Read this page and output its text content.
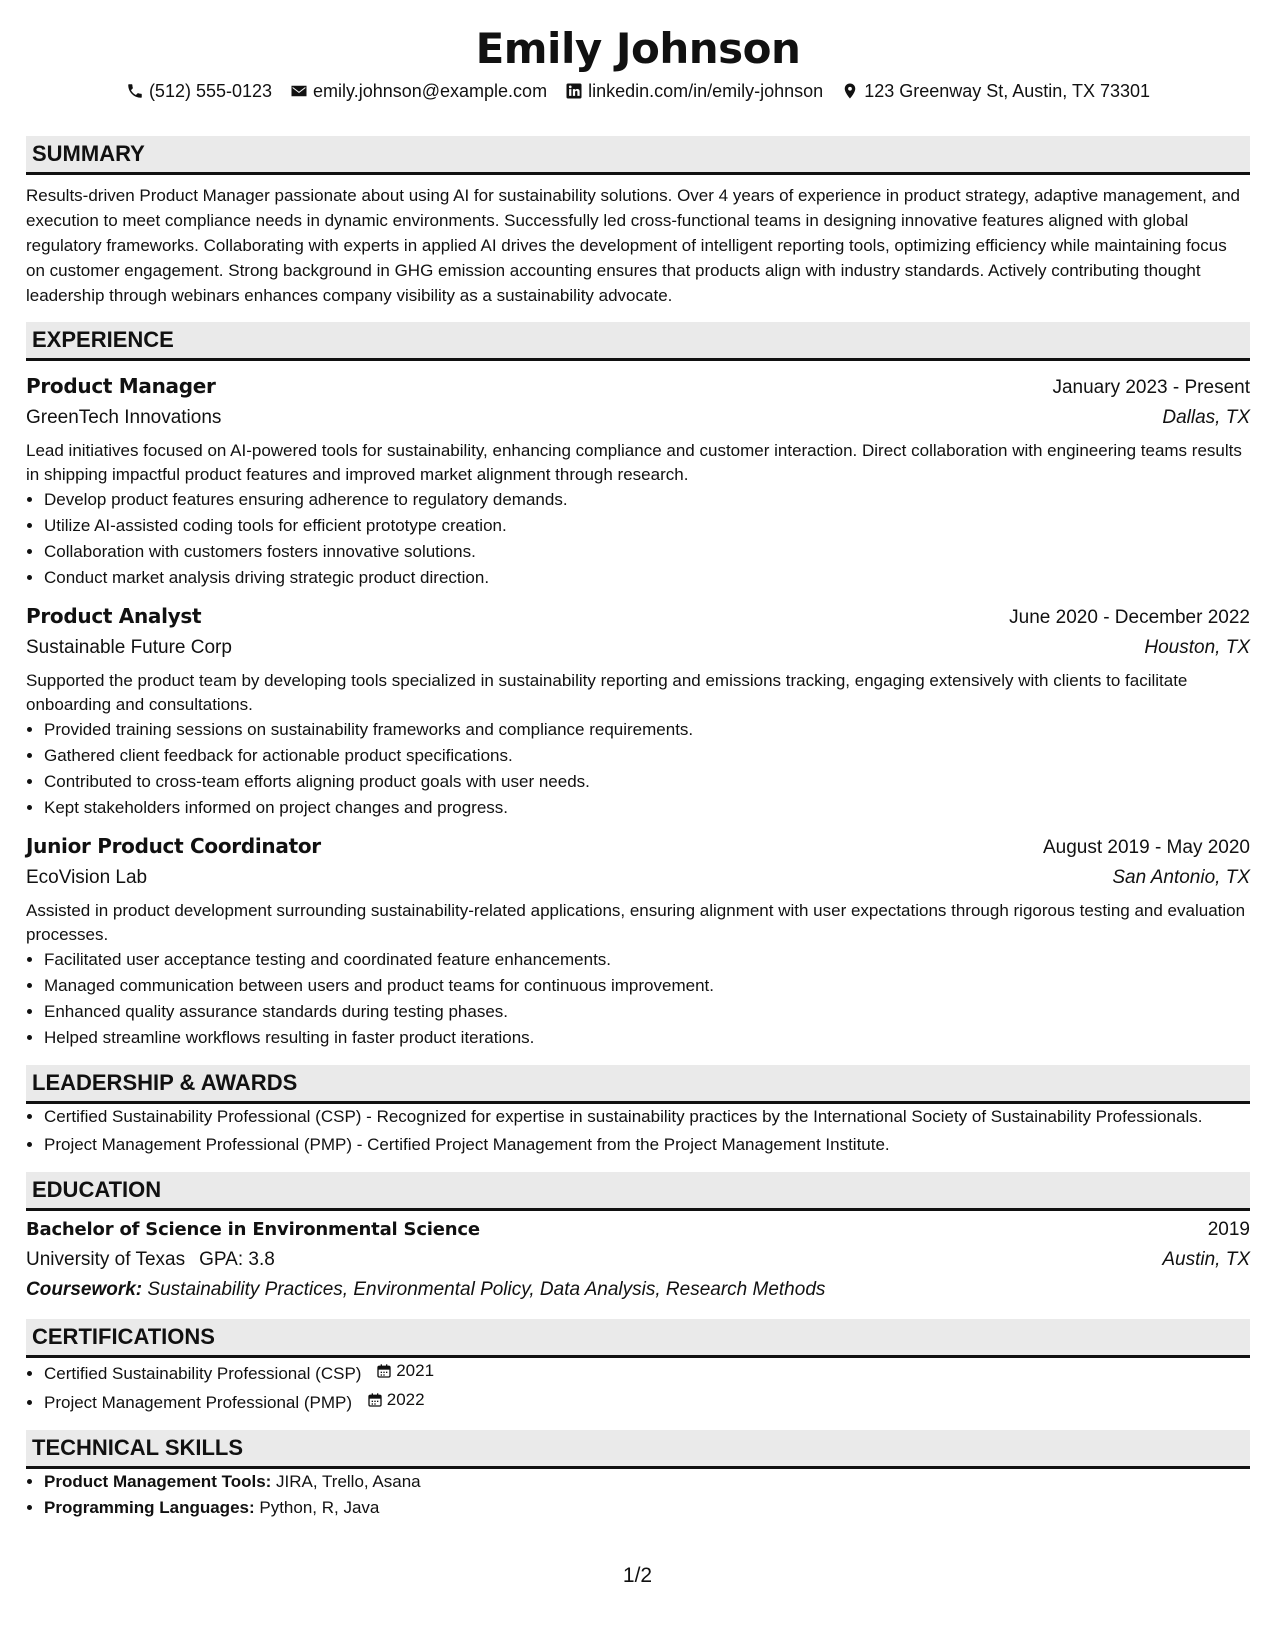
Emily Johnson
(512) 555-0123 emily.johnson@example.com linkedin.com/in/emily-johnson 123 Greenway St, Austin, TX 73301
SUMMARY
Results-driven Product Manager passionate about using AI for sustainability solutions. Over 4 years of experience in product strategy, adaptive management, and execution to meet compliance needs in dynamic environments. Successfully led cross-functional teams in designing innovative features aligned with global regulatory frameworks. Collaborating with experts in applied AI drives the development of intelligent reporting tools, optimizing efficiency while maintaining focus on customer engagement. Strong background in GHG emission accounting ensures that products align with industry standards. Actively contributing thought leadership through webinars enhances company visibility as a sustainability advocate.
EXPERIENCE
Product Manager	January 2023 - Present
GreenTech Innovations	Dallas, TX
Lead initiatives focused on AI-powered tools for sustainability, enhancing compliance and customer interaction. Direct collaboration with engineering teams results in shipping impactful product features and improved market alignment through research.
• Develop product features ensuring adherence to regulatory demands.
• Utilize AI-assisted coding tools for efficient prototype creation.
• Collaboration with customers fosters innovative solutions.
• Conduct market analysis driving strategic product direction.
Product Analyst	June 2020 - December 2022
Sustainable Future Corp	Houston, TX
Supported the product team by developing tools specialized in sustainability reporting and emissions tracking, engaging extensively with clients to facilitate onboarding and consultations.
• Provided training sessions on sustainability frameworks and compliance requirements.
• Gathered client feedback for actionable product specifications.
• Contributed to cross-team efforts aligning product goals with user needs.
• Kept stakeholders informed on project changes and progress.
Junior Product Coordinator	August 2019 - May 2020
EcoVision Lab	San Antonio, TX
Assisted in product development surrounding sustainability-related applications, ensuring alignment with user expectations through rigorous testing and evaluation processes.
• Facilitated user acceptance testing and coordinated feature enhancements.
• Managed communication between users and product teams for continuous improvement.
• Enhanced quality assurance standards during testing phases.
• Helped streamline workflows resulting in faster product iterations.
LEADERSHIP & AWARDS
• Certified Sustainability Professional (CSP) - Recognized for expertise in sustainability practices by the International Society of Sustainability Professionals.
• Project Management Professional (PMP) - Certified Project Management from the Project Management Institute.
EDUCATION
Bachelor of Science in Environmental Science	2019
University of Texas GPA: 3.8	Austin, TX
Coursework: Sustainability Practices, Environmental Policy, Data Analysis, Research Methods
CERTIFICATIONS
• Certified Sustainability Professional (CSP) 2021
• Project Management Professional (PMP) 2022
TECHNICAL SKILLS
• Product Management Tools: JIRA, Trello, Asana
• Programming Languages: Python, R, Java
1/2
